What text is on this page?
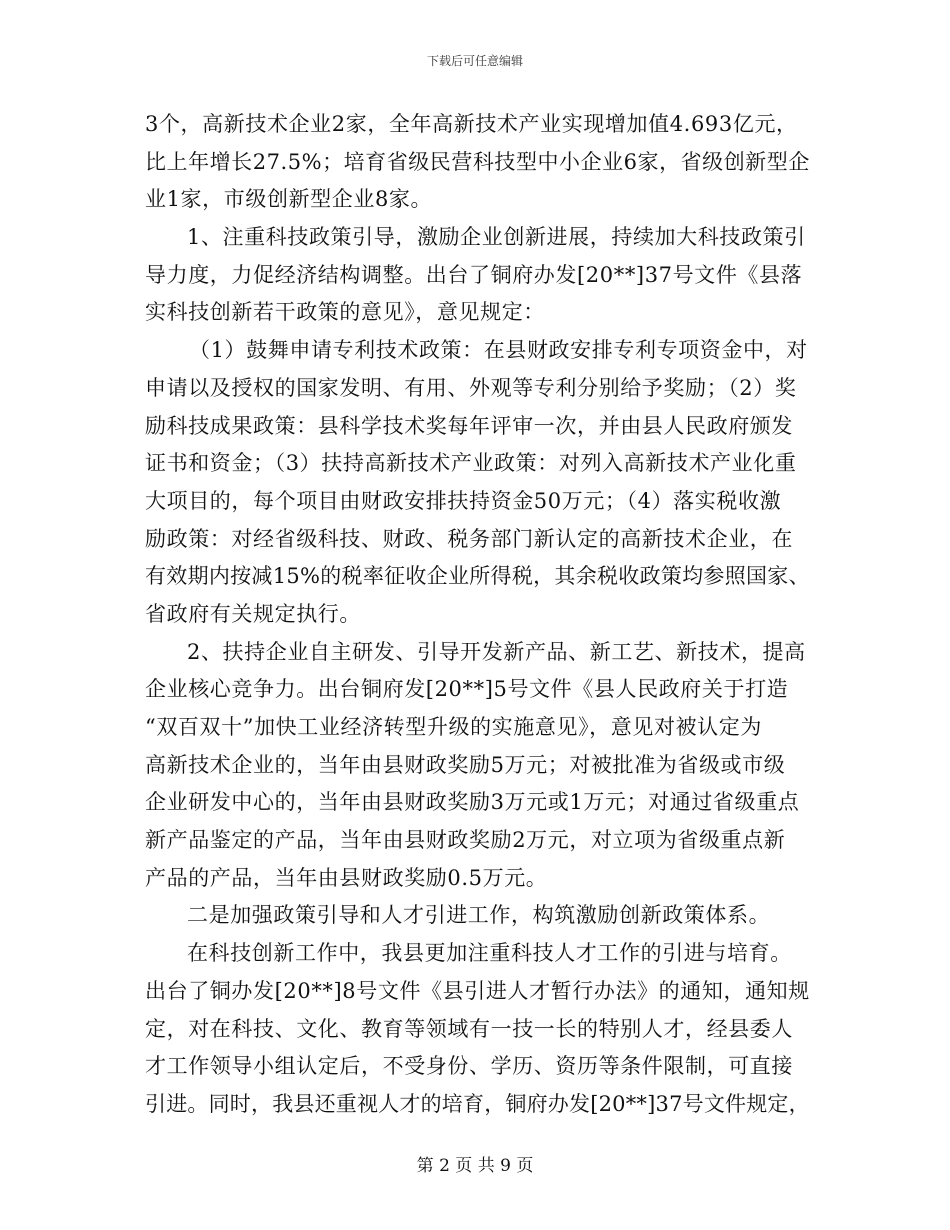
下载后可任意编辑
3个，高新技术企业2家，全年高新技术产业实现增加值4.693亿元，
比上年增长27.5%；培育省级民营科技型中小企业6家，省级创新型企
业1家，市级创新型企业8家。
1、注重科技政策引导，激励企业创新进展，持续加大科技政策引
导力度，力促经济结构调整。出台了铜府办发[20**]37号文件《县落
实科技创新若干政策的意见》，意见规定：
（1）鼓舞申请专利技术政策：在县财政安排专利专项资金中，对
申请以及授权的国家发明、有用、外观等专利分别给予奖励；（2）奖
励科技成果政策：县科学技术奖每年评审一次，并由县人民政府颁发
证书和资金；（3）扶持高新技术产业政策：对列入高新技术产业化重
大项目的，每个项目由财政安排扶持资金50万元；（4）落实税收激
励政策：对经省级科技、财政、税务部门新认定的高新技术企业，在
有效期内按减15%的税率征收企业所得税，其余税收政策均参照国家、
省政府有关规定执行。
2、扶持企业自主研发、引导开发新产品、新工艺、新技术，提高
企业核心竞争力。出台铜府发[20**]5号文件《县人民政府关于打造
“双百双十”加快工业经济转型升级的实施意见》，意见对被认定为
高新技术企业的，当年由县财政奖励5万元；对被批准为省级或市级
企业研发中心的，当年由县财政奖励3万元或1万元；对通过省级重点
新产品鉴定的产品，当年由县财政奖励2万元，对立项为省级重点新
产品的产品，当年由县财政奖励0.5万元。
二是加强政策引导和人才引进工作，构筑激励创新政策体系。
在科技创新工作中，我县更加注重科技人才工作的引进与培育。
出台了铜办发[20**]8号文件《县引进人才暂行办法》的通知，通知规
定，对在科技、文化、教育等领域有一技一长的特别人才，经县委人
才工作领导小组认定后，不受身份、学历、资历等条件限制，可直接
引进。同时，我县还重视人才的培育，铜府办发[20**]37号文件规定，
第 2 页 共 9 页
